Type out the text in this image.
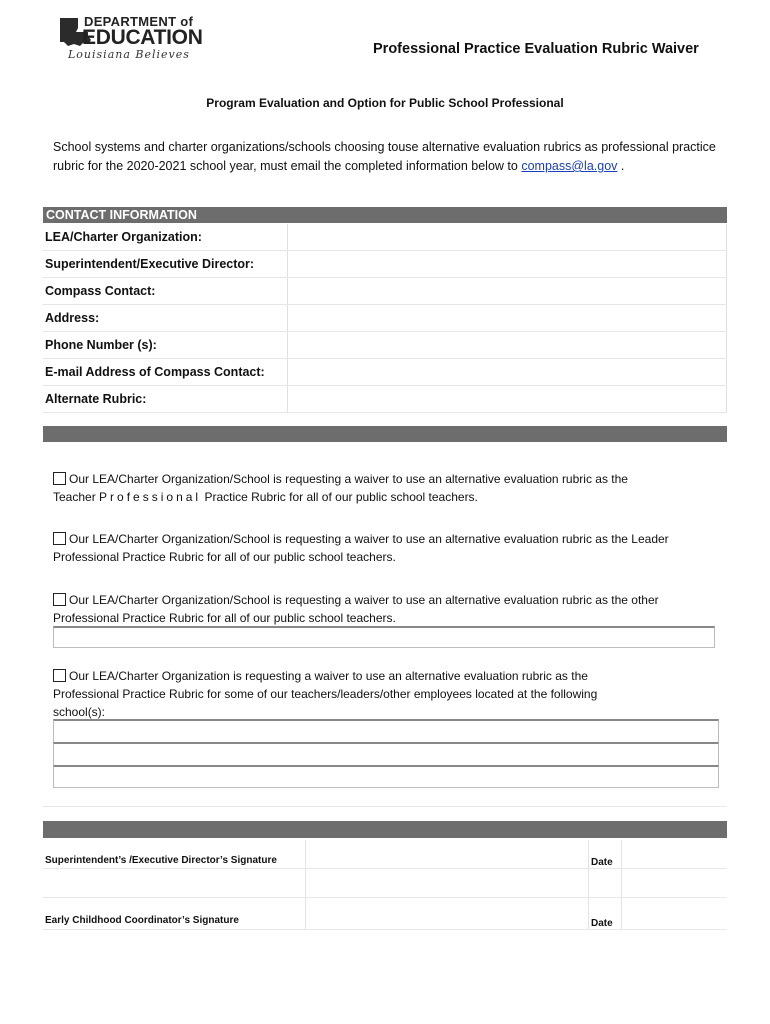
DEPARTMENT of
EDUCATION
Louisiana Believes	Professional Practice Evaluation Rubric Waiver
Program Evaluation and Option for Public School Professional
School systems and charter organizations/schools choosing touse alternative evaluation rubrics as professional practice rubric for the 2020-2021 school year, must email the completed information below to compass@la.gov .
CONTACT INFORMATION
LEA/Charter Organization:	
Superintendent/Executive Director:	
Compass Contact:	
Address:	
Phone Number (s):	
E-mail Address of Compass Contact:	
Alternate Rubric:	
Our LEA/Charter Organization/School is requesting a waiver to use an alternative evaluation rubric as the
Teacher Professional Practice Rubric for all of our public school teachers.
Our LEA/Charter Organization/School is requesting a waiver to use an alternative evaluation rubric as the Leader
Professional Practice Rubric for all of our public school teachers.
Our LEA/Charter Organization/School is requesting a waiver to use an alternative evaluation rubric as the other
Professional Practice Rubric for all of our public school teachers.
Our LEA/Charter Organization is requesting a waiver to use an alternative evaluation rubric as the
Professional Practice Rubric for some of our teachers/leaders/other employees located at the following
school(s):
Superintendent’s /Executive Director’s Signature		Date	

Early Childhood Coordinator’s Signature		Date	
